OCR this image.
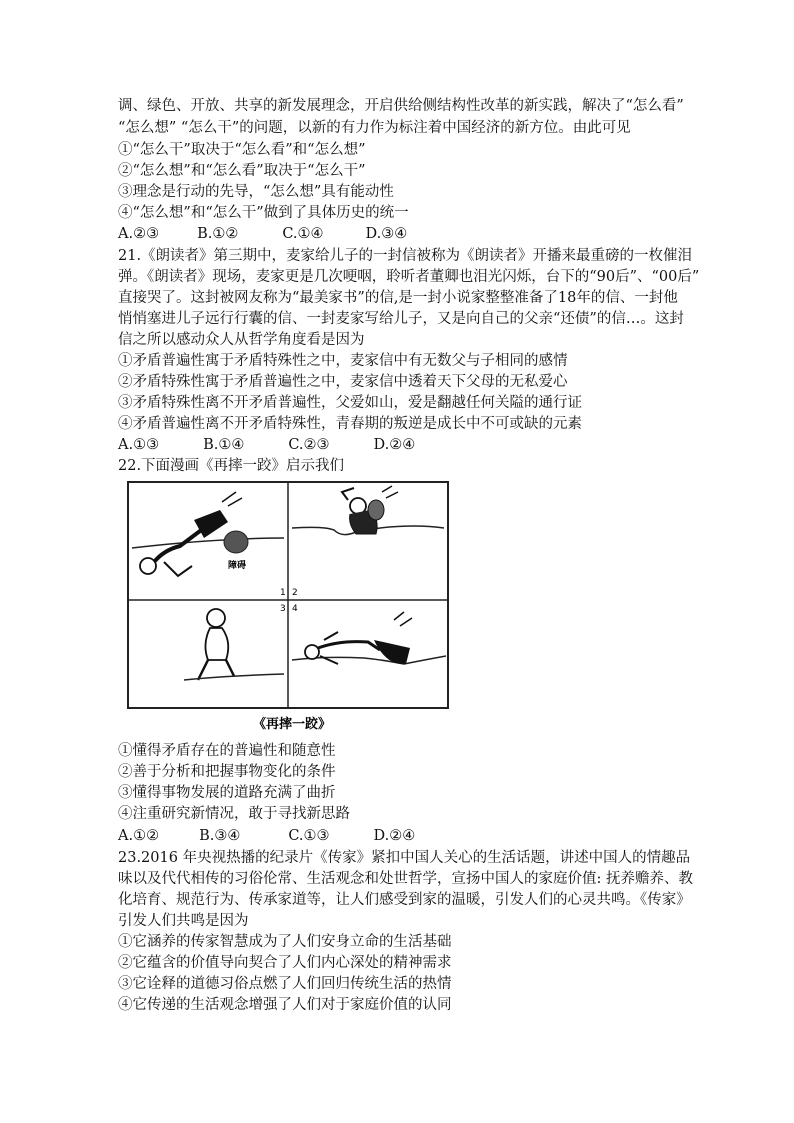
调、绿色、开放、共享的新发展理念，开启供给侧结构性改革的新实践，解决了“怎么看”
“怎么想” “怎么干”的问题，以新的有力作为标注着中国经济的新方位。由此可见
①“怎么干”取决于“怎么看”和“怎么想”
②“怎么想”和“怎么看”取决于“怎么干”
③理念是行动的先导，“怎么想”具有能动性
④“怎么想”和“怎么干”做到了具体历史的统一
A.②③	B.①②	C.①④	D.③④
21.《朗读者》第三期中，麦家给儿子的一封信被称为《朗读者》开播来最重磅的一枚催泪
弹。《朗读者》现场，麦家更是几次哽咽，聆听者董卿也泪光闪烁，台下的“90后”、“00后”
直接哭了。这封被网友称为“最美家书”的信,是一封小说家整整准备了18年的信、一封他
悄悄塞进儿子远行行囊的信、一封麦家写给儿子，又是向自己的父亲“还债”的信…。这封
信之所以感动众人从哲学角度看是因为
①矛盾普遍性寓于矛盾特殊性之中，麦家信中有无数父与子相同的感情
②矛盾特殊性寓于矛盾普遍性之中，麦家信中透着天下父母的无私爱心
③矛盾特殊性离不开矛盾普遍性，父爱如山，爱是翻越任何关隘的通行证
④矛盾普遍性离不开矛盾特殊性，青春期的叛逆是成长中不可或缺的元素
A.①③	B.①④	C.②③	D.②④
22.下面漫画《再摔一跤》启示我们
障碍
1 2
3 4
《再摔一跤》
①懂得矛盾存在的普遍性和随意性
②善于分析和把握事物变化的条件
③懂得事物发展的道路充满了曲折
④注重研究新情况，敢于寻找新思路
A.①②	B.③④	C.①③	D.②④
23.2016 年央视热播的纪录片《传家》紧扣中国人关心的生活话题，讲述中国人的情趣品
味以及代代相传的习俗伦常、生活观念和处世哲学，宣扬中国人的家庭价值: 抚养赡养、教
化培育、规范行为、传承家道等，让人们感受到家的温暖，引发人们的心灵共鸣。《传家》
引发人们共鸣是因为
①它涵养的传家智慧成为了人们安身立命的生活基础
②它蕴含的价值导向契合了人们内心深处的精神需求
③它诠释的道德习俗点燃了人们回归传统生活的热情
④它传递的生活观念增强了人们对于家庭价值的认同
